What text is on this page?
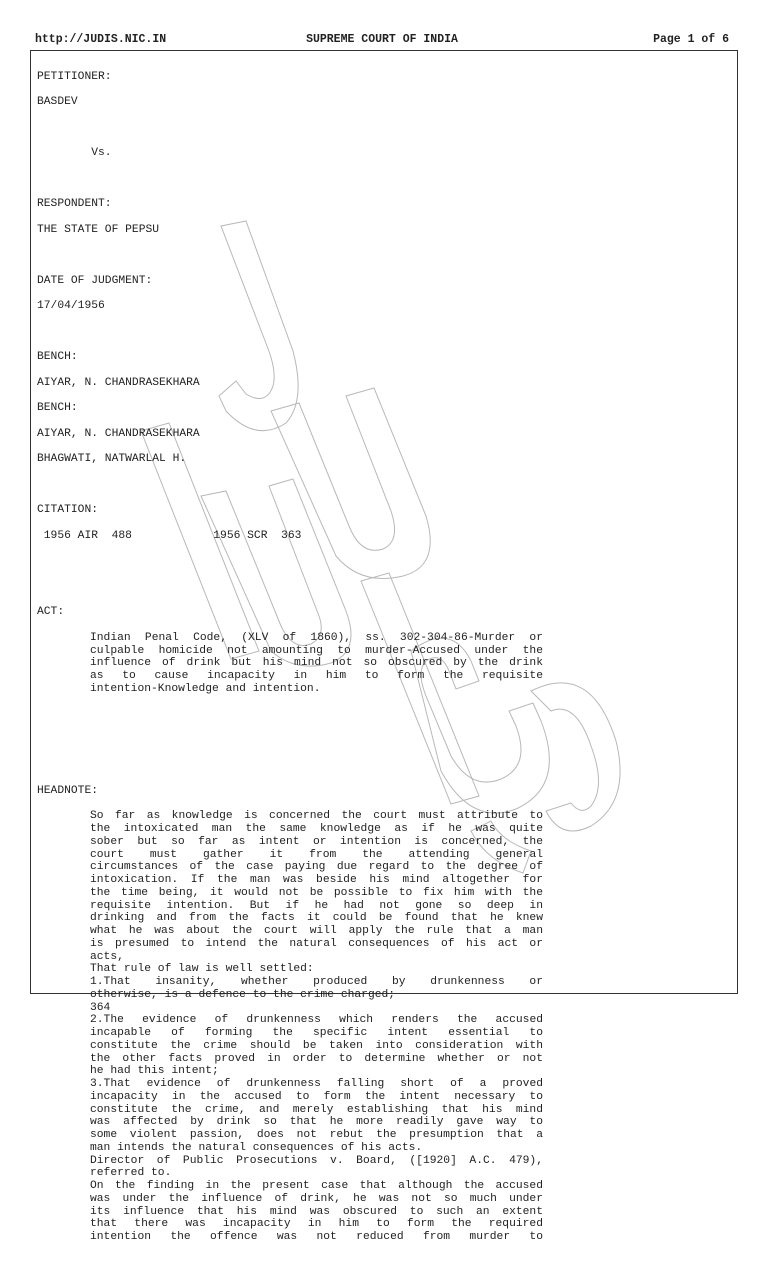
http://JUDIS.NIC.IN	SUPREME COURT OF INDIA	Page 1 of 6

PETITIONER:

BASDEV

Vs.

RESPONDENT:

THE STATE OF PEPSU

DATE OF JUDGMENT:

17/04/1956

BENCH:

AIYAR, N. CHANDRASEKHARA

BENCH:

AIYAR, N. CHANDRASEKHARA

BHAGWATI, NATWARLAL H.

CITATION:

1956 AIR  488            1956 SCR  363

ACT:

Indian Penal Code, (XLV of 1860), ss. 302-304-86-Murder or
culpable homicide not amounting to murder-Accused under the
influence of drink but his mind not so obscured by the drink
as to cause incapacity in him to form the requisite
intention-Knowledge and intention.

HEADNOTE:

So far as knowledge is concerned the court must attribute to
the intoxicated man the same knowledge as if he was quite
sober but so far as intent or intention is concerned, the
court must gather it from the attending general
circumstances of the case paying due regard to the degree of
intoxication. If the man was beside his mind altogether for
the time being, it would not be possible to fix him with the
requisite intention. But if he had not gone so deep in
drinking and from the facts it could be found that he knew
what he was about the court will apply the rule that a man
is presumed to intend the natural consequences of his act or
acts,
That rule of law is well settled:
1.That insanity, whether produced by drunkenness or
otherwise, is a defence to the crime charged;
364
2.The evidence of drunkenness which renders the accused
incapable of forming the specific intent essential to
constitute the crime should be taken into consideration with
the other facts proved in order to determine whether or not
he had this intent;
3.That evidence of drunkenness falling short of a proved
incapacity in the accused to form the intent necessary to
constitute the crime, and merely establishing that his mind
was affected by drink so that he more readily gave way to
some violent passion, does not rebut the presumption that a
man intends the natural consequences of his acts.
Director of Public Prosecutions v. Board, ([1920] A.C. 479),
referred to.
On the finding in the present case that although the accused
was under the influence of drink, he was not so much under
its influence that his mind was obscured to such an extent
that there was incapacity in him to form the required
intention the offence was not reduced from murder to
